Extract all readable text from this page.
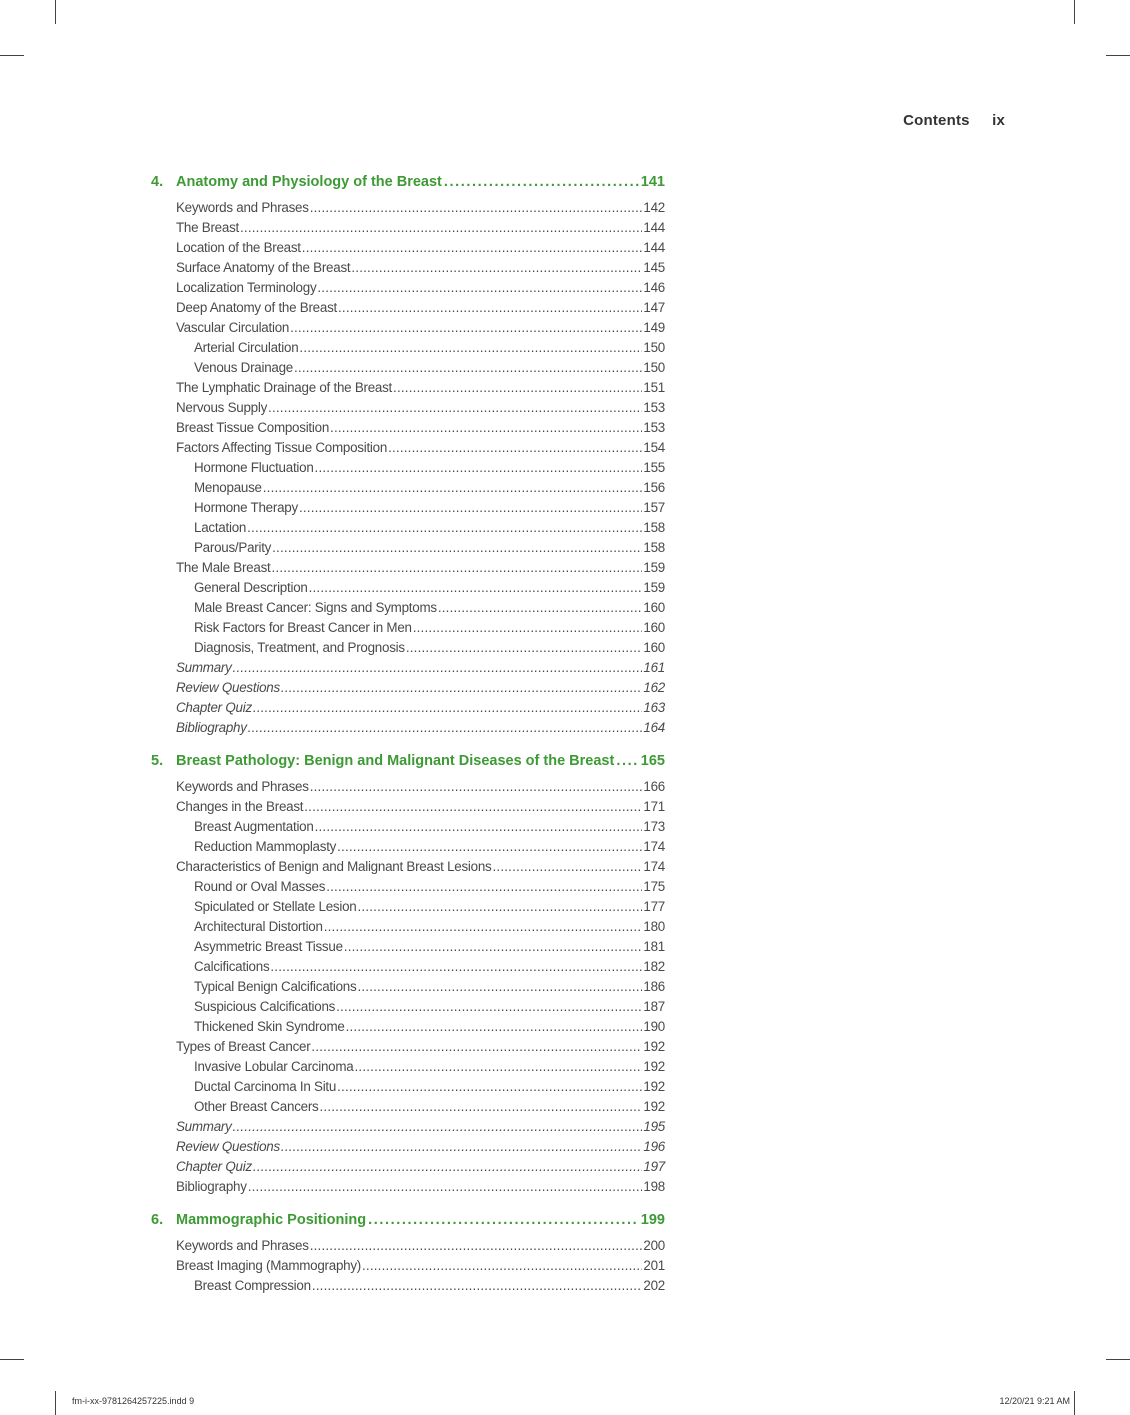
Contents ix
4. Anatomy and Physiology of the Breast .....	141
Keywords and Phrases .....	142
The Breast .....	144
Location of the Breast .....	144
Surface Anatomy of the Breast .....	145
Localization Terminology .....	146
Deep Anatomy of the Breast .....	147
Vascular Circulation .....	149
Arterial Circulation .....	150
Venous Drainage .....	150
The Lymphatic Drainage of the Breast .....	151
Nervous Supply .....	153
Breast Tissue Composition .....	153
Factors Affecting Tissue Composition .....	154
Hormone Fluctuation .....	155
Menopause .....	156
Hormone Therapy .....	157
Lactation .....	158
Parous/Parity .....	158
The Male Breast .....	159
General Description .....	159
Male Breast Cancer: Signs and Symptoms .....	160
Risk Factors for Breast Cancer in Men .....	160
Diagnosis, Treatment, and Prognosis .....	160
Summary .....	161
Review Questions .....	162
Chapter Quiz .....	163
Bibliography .....	164
5. Breast Pathology: Benign and Malignant Diseases of the Breast ..... 165
Keywords and Phrases .....	166
Changes in the Breast .....	171
Breast Augmentation .....	173
Reduction Mammoplasty .....	174
Characteristics of Benign and Malignant Breast Lesions .....	174
Round or Oval Masses .....	175
Spiculated or Stellate Lesion .....	177
Architectural Distortion .....	180
Asymmetric Breast Tissue .....	181
Calcifications .....	182
Typical Benign Calcifications .....	186
Suspicious Calcifications .....	187
Thickened Skin Syndrome .....	190
Types of Breast Cancer .....	192
Invasive Lobular Carcinoma .....	192
Ductal Carcinoma In Situ .....	192
Other Breast Cancers .....	192
Summary .....	195
Review Questions .....	196
Chapter Quiz .....	197
Bibliography .....	198
6. Mammographic Positioning .....	199
Keywords and Phrases .....	200
Breast Imaging (Mammography) .....	201
Breast Compression .....	202
fm-i-xx-9781264257225.indd 9	12/20/21 9:21 AM
